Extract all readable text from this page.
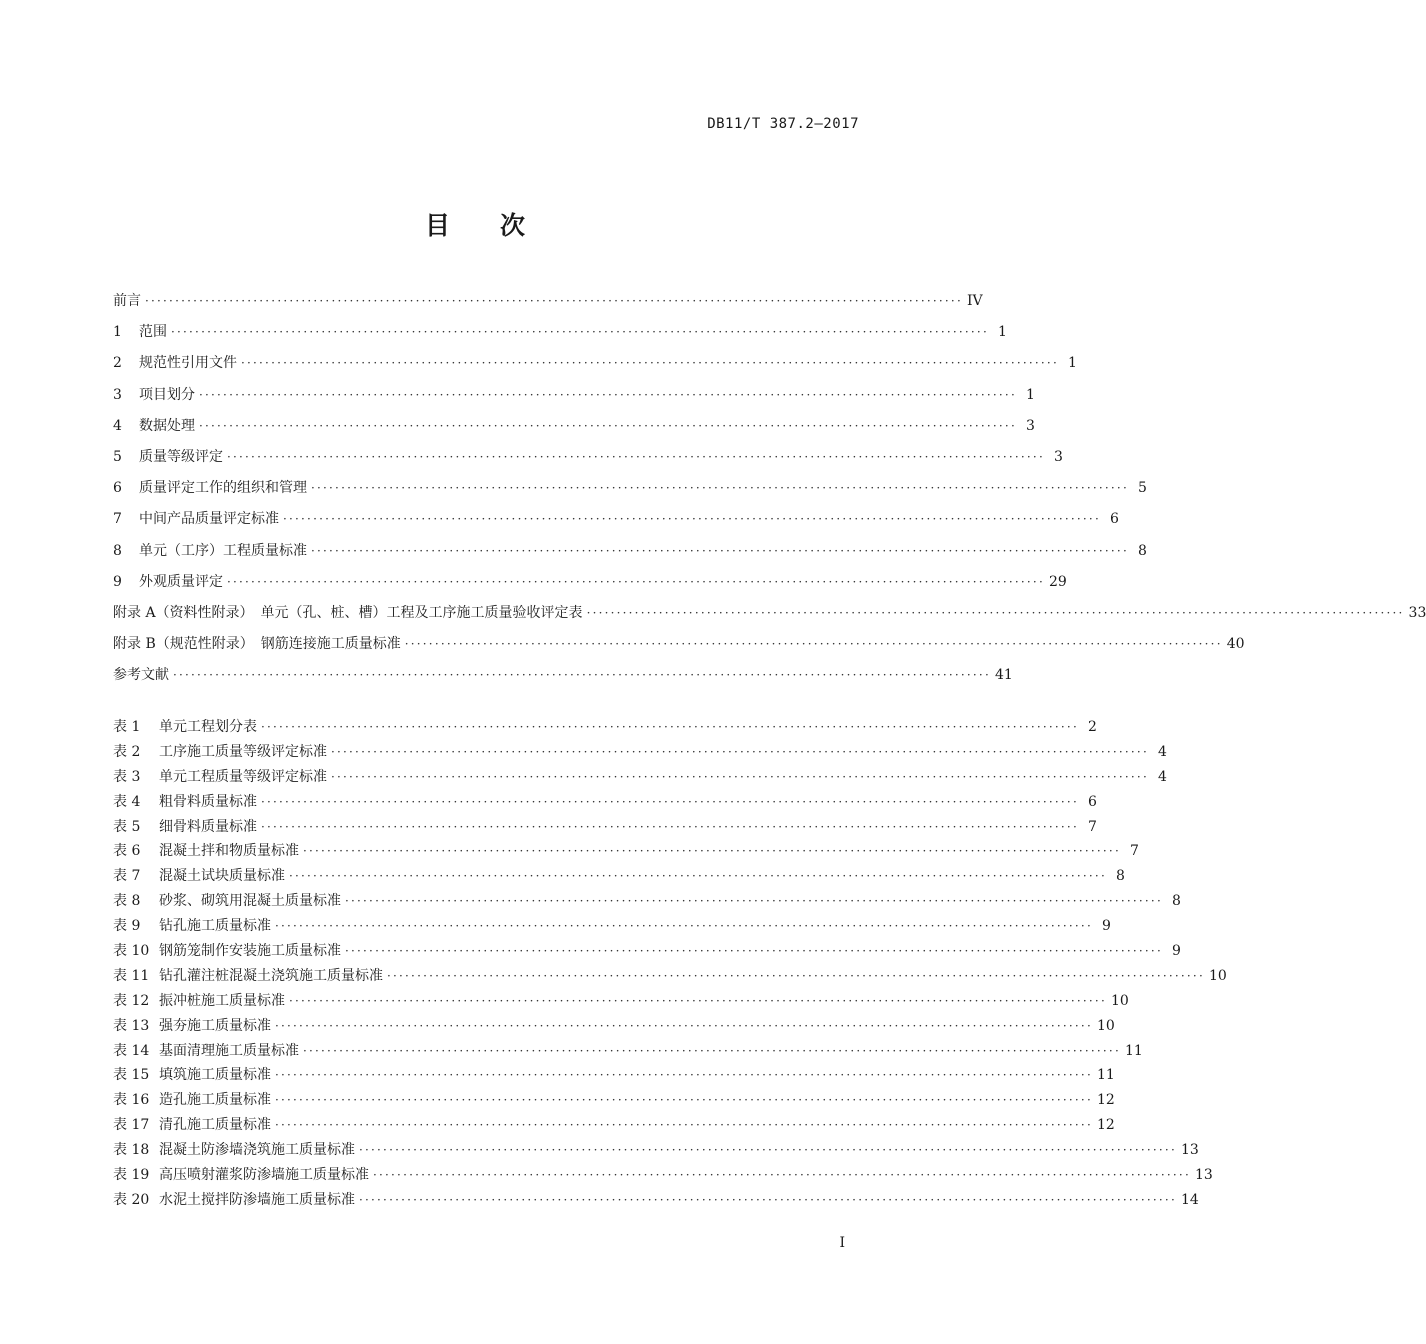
DB11/T 387.2—2017
目　　次
前言 ········································································································································ IV
1	范围 ········································································································································ 1
2	规范性引用文件 ········································································································································ 1
3	项目划分 ········································································································································ 1
4	数据处理 ········································································································································ 3
5	质量等级评定 ········································································································································ 3
6	质量评定工作的组织和管理 ········································································································································ 5
7	中间产品质量评定标准 ········································································································································ 6
8	单元（工序）工程质量标准 ········································································································································ 8
9	外观质量评定 ········································································································································ 29
附录 A（资料性附录）　单元（孔、桩、槽）工程及工序施工质量验收评定表 ········································································································································ 33
附录 B（规范性附录）　钢筋连接施工质量标准 ········································································································································ 40
参考文献 ········································································································································ 41
表 1	单元工程划分表 ········································································································································ 2
表 2	工序施工质量等级评定标准 ········································································································································ 4
表 3	单元工程质量等级评定标准 ········································································································································ 4
表 4	粗骨料质量标准 ········································································································································ 6
表 5	细骨料质量标准 ········································································································································ 7
表 6	混凝土拌和物质量标准 ········································································································································ 7
表 7	混凝土试块质量标准 ········································································································································ 8
表 8	砂浆、砌筑用混凝土质量标准 ········································································································································ 8
表 9	钻孔施工质量标准 ········································································································································ 9
表 10 钢筋笼制作安装施工质量标准 ········································································································································ 9
表 11 钻孔灌注桩混凝土浇筑施工质量标准 ········································································································································ 10
表 12 振冲桩施工质量标准 ········································································································································ 10
表 13 强夯施工质量标准 ········································································································································ 10
表 14 基面清理施工质量标准 ········································································································································ 11
表 15 填筑施工质量标准 ········································································································································ 11
表 16 造孔施工质量标准 ········································································································································ 12
表 17 清孔施工质量标准 ········································································································································ 12
表 18 混凝土防渗墙浇筑施工质量标准 ········································································································································ 13
表 19 高压喷射灌浆防渗墙施工质量标准 ········································································································································ 13
表 20 水泥土搅拌防渗墙施工质量标准 ········································································································································ 14
I
